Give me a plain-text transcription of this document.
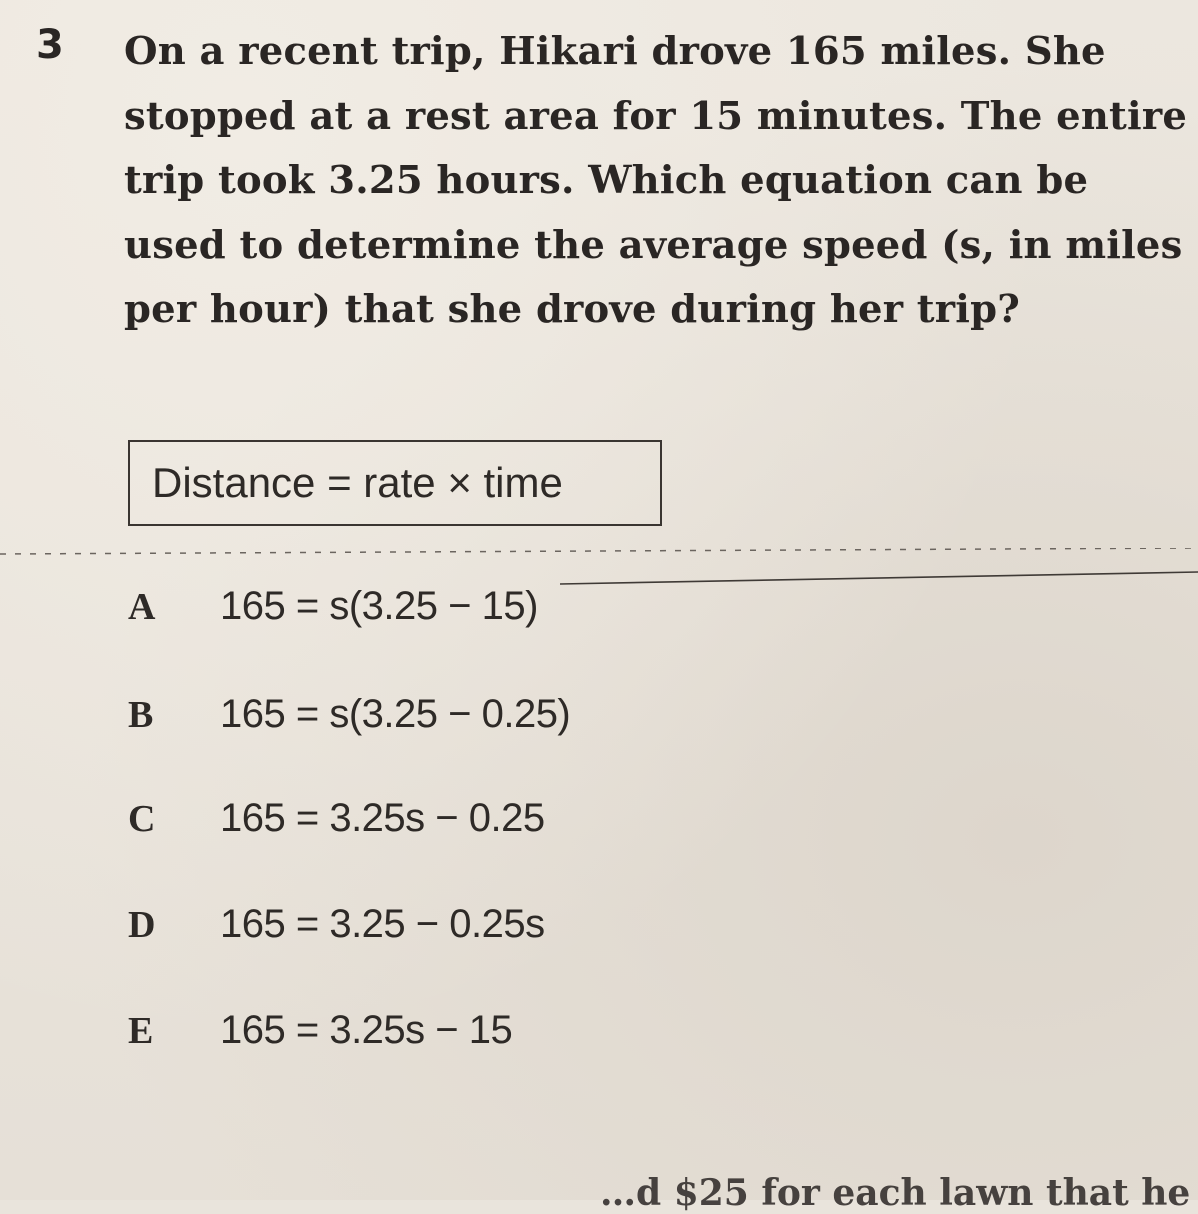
3 On a recent trip, Hikari drove 165 miles. She stopped at a rest area for 15 minutes. The entire trip took 3.25 hours. Which equation can be used to determine the average speed (s, in miles per hour) that she drove during her trip?

Distance = rate × time
A	165 = s(3.25 − 15)
B	165 = s(3.25 − 0.25)
C	165 = 3.25s − 0.25
D	165 = 3.25 − 0.25s
E	165 = 3.25s − 15
…d $25 for each lawn that he
